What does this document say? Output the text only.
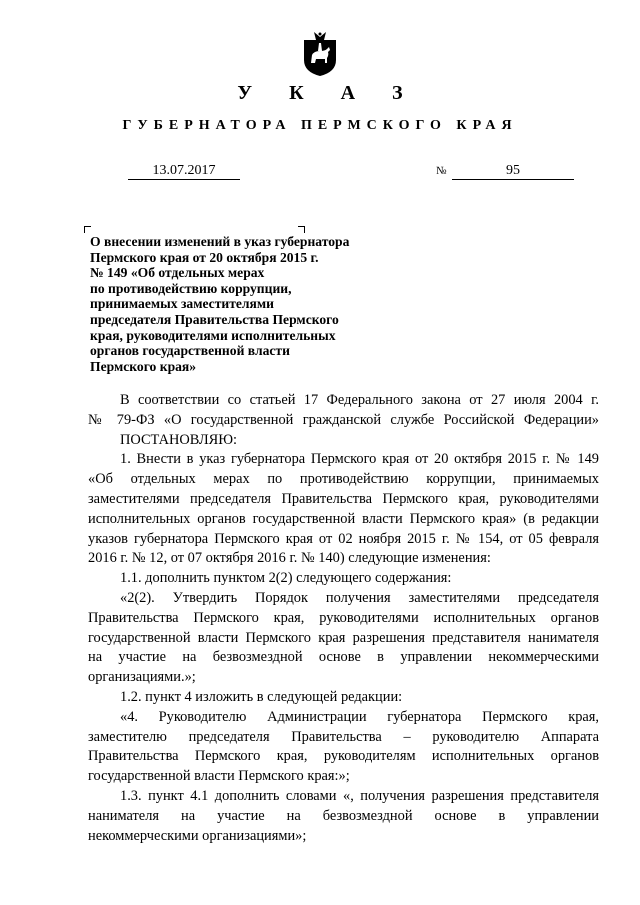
У К А З
ГУБЕРНАТОРА ПЕРМСКОГО КРАЯ
13.07.2017	№	95
О внесении изменений в указ губернатора
Пермского края от 20 октября 2015 г.
№ 149 «Об отдельных мерах
по противодействию коррупции,
принимаемых заместителями
председателя Правительства Пермского
края, руководителями исполнительных
органов государственной власти
Пермского края»
В соответствии со статьей 17 Федерального закона от 27 июля 2004 г.
№ 79-ФЗ «О государственной гражданской службе Российской Федерации»
ПОСТАНОВЛЯЮ:
1. Внести в указ губернатора Пермского края от 20 октября 2015 г. № 149
«Об отдельных мерах по противодействию коррупции, принимаемых
заместителями председателя Правительства Пермского края, руководителями
исполнительных органов государственной власти Пермского края» (в редакции
указов губернатора Пермского края от 02 ноября 2015 г. № 154, от 05 февраля
2016 г. № 12, от 07 октября 2016 г. № 140) следующие изменения:
1.1. дополнить пунктом 2(2) следующего содержания:
«2(2). Утвердить Порядок получения заместителями председателя
Правительства Пермского края, руководителями исполнительных органов
государственной власти Пермского края разрешения представителя нанимателя
на участие на безвозмездной основе в управлении некоммерческими
организациями.»;
1.2. пункт 4 изложить в следующей редакции:
«4. Руководителю Администрации губернатора Пермского края,
заместителю председателя Правительства – руководителю Аппарата
Правительства Пермского края, руководителям исполнительных органов
государственной власти Пермского края:»;
1.3. пункт 4.1 дополнить словами «, получения разрешения представителя
нанимателя на участие на безвозмездной основе в управлении
некоммерческими организациями»;
